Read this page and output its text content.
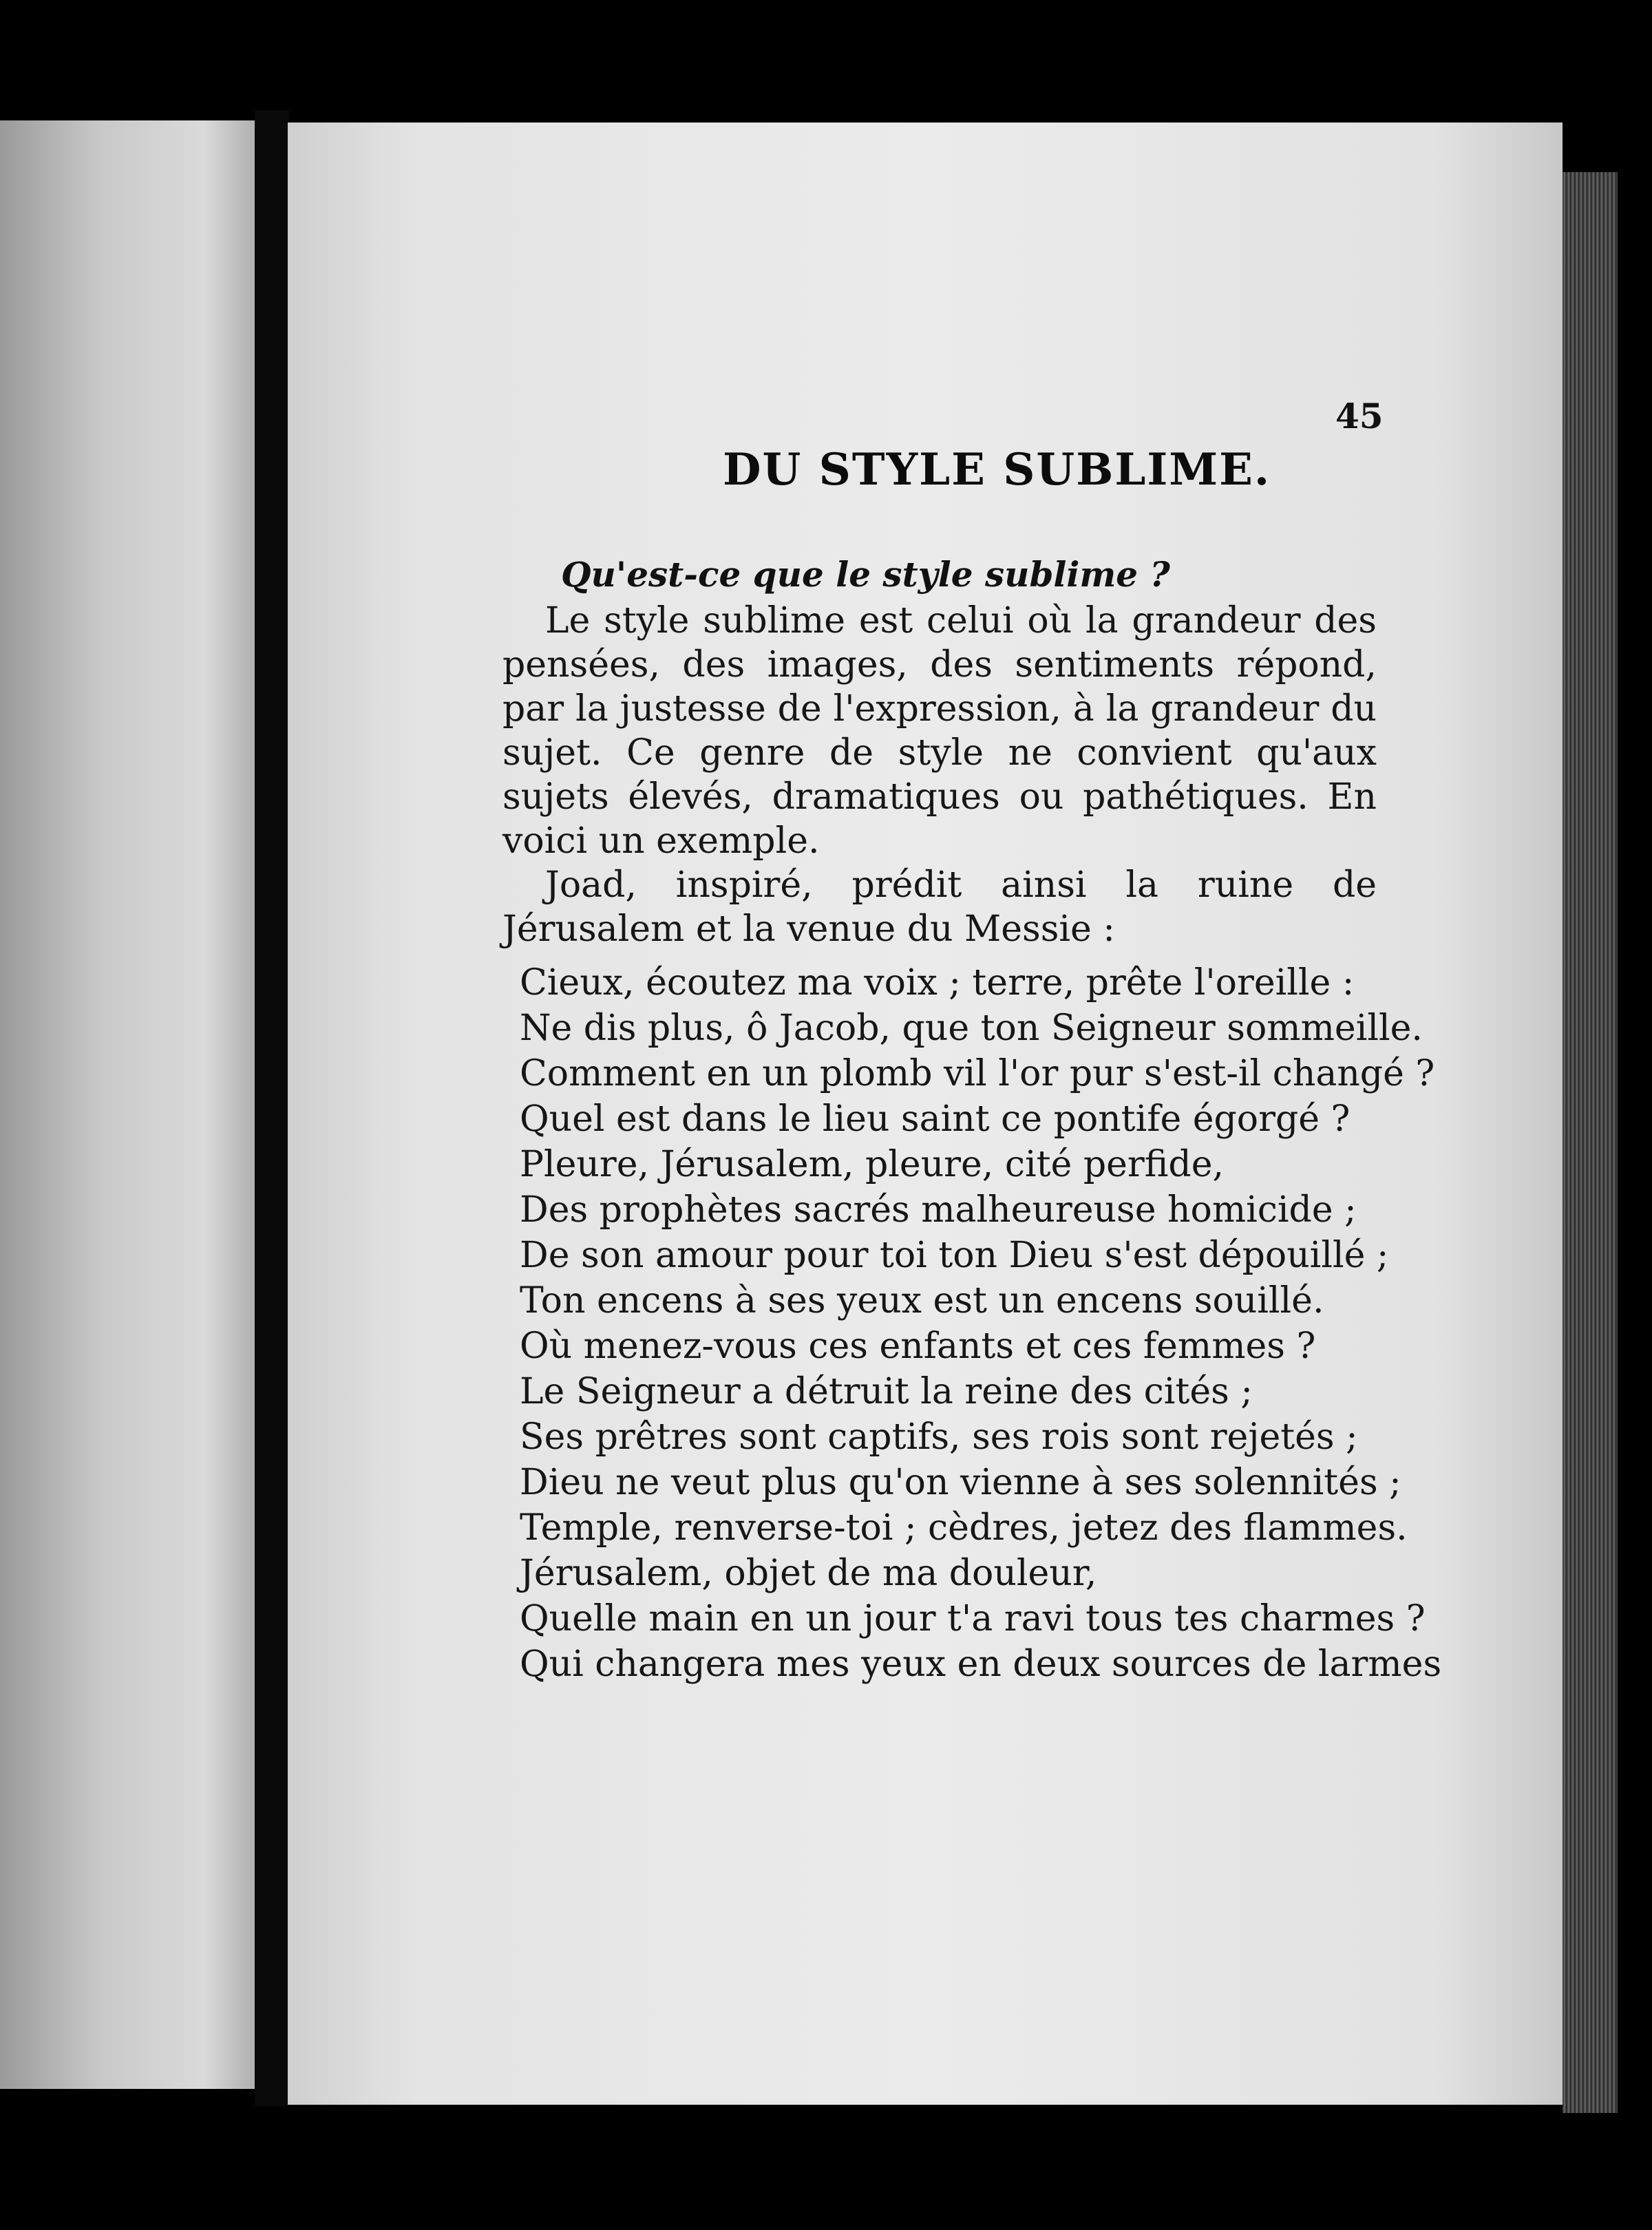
45

DU STYLE SUBLIME.

Qu'est-ce que le style sublime ?

Le style sublime est celui où la grandeur des pensées, des images, des sentiments répond, par la justesse de l'expression, à la grandeur du sujet. Ce genre de style ne convient qu'aux sujets élevés, dramatiques ou pathétiques. En voici un exemple.

Joad, inspiré, prédit ainsi la ruine de Jérusalem et la venue du Messie :

Cieux, écoutez ma voix ; terre, prête l'oreille :
Ne dis plus, ô Jacob, que ton Seigneur sommeille.
Comment en un plomb vil l'or pur s'est-il changé ?
Quel est dans le lieu saint ce pontife égorgé ?
Pleure, Jérusalem, pleure, cité perfide,
Des prophètes sacrés malheureuse homicide ;
De son amour pour toi ton Dieu s'est dépouillé ;
Ton encens à ses yeux est un encens souillé.
Où menez-vous ces enfants et ces femmes ?
Le Seigneur a détruit la reine des cités ;
Ses prêtres sont captifs, ses rois sont rejetés ;
Dieu ne veut plus qu'on vienne à ses solennités ;
Temple, renverse-toi ; cèdres, jetez des flammes.
Jérusalem, objet de ma douleur,
Quelle main en un jour t'a ravi tous tes charmes ?
Qui changera mes yeux en deux sources de larmes
